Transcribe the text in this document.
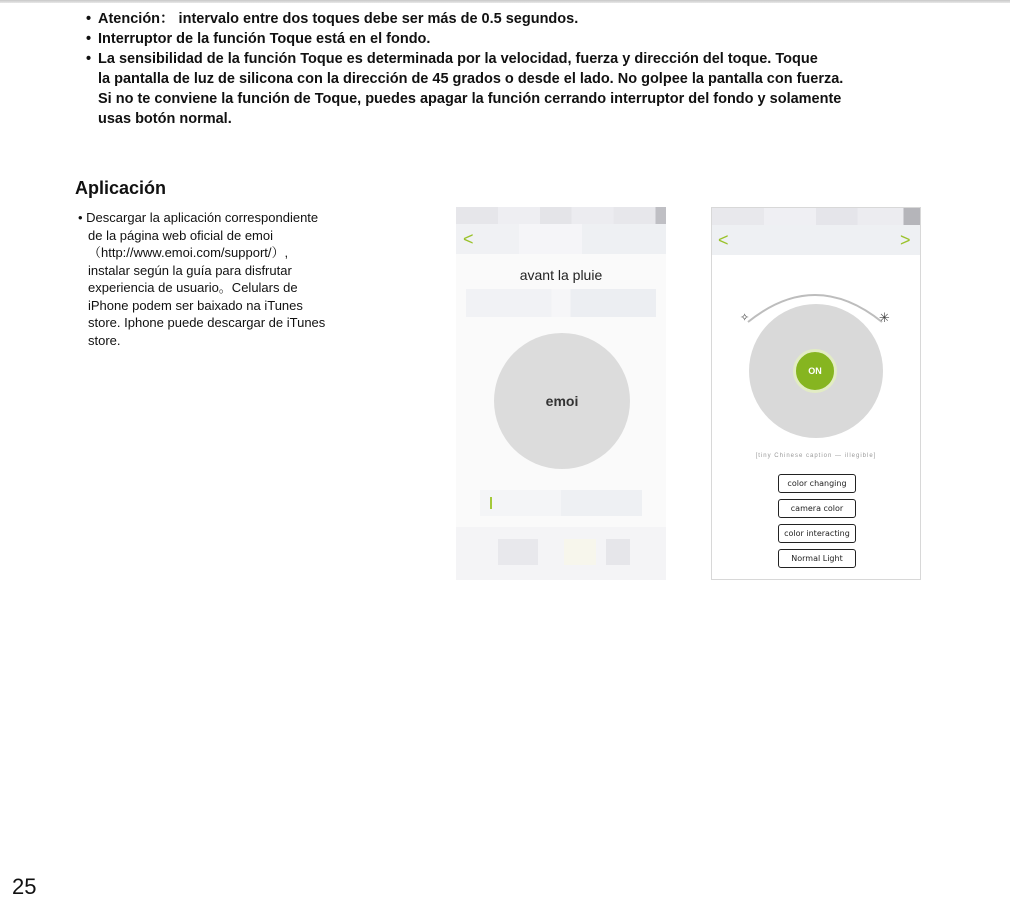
• Atención： intervalo entre dos toques debe ser más de 0.5 segundos.

• Interruptor de la función Toque está en el fondo.

• La sensibilidad de la función Toque es determinada por la velocidad, fuerza y dirección del toque. Toque
la pantalla de luz de silicona con la dirección de 45 grados o desde el lado. No golpee la pantalla con fuerza.
Si no te conviene la función de Toque, puedes apagar la función cerrando interruptor del fondo y solamente
usas botón normal.

Aplicación
• Descargar la aplicación correspondiente
de la página web oficial de emoi
（http://www.emoi.com/support/）,
instalar según la guía para disfrutar
experiencia de usuario。Celulars de
iPhone podem ser baixado na iTunes
store. Iphone puede descargar de iTunes
store.
<
avant la pluie
emoi
<	>
✧	✳
ON
[tiny Chinese caption — illegible]
color changing
camera color
color interacting
Normal Light
25
